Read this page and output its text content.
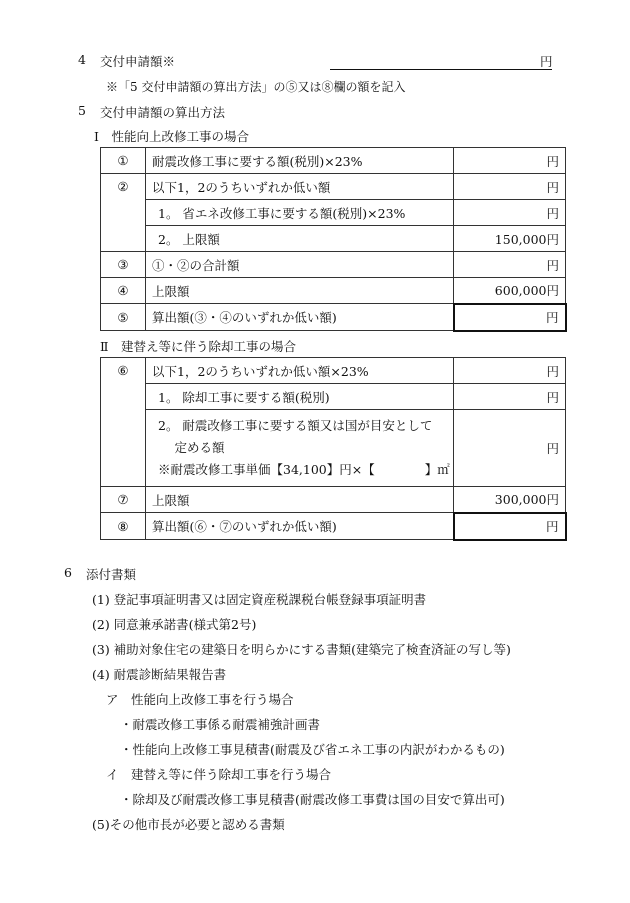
4 交付申請額※	円
※「5 交付申請額の算出方法」の⑤又は⑧欄の額を記入
5 交付申請額の算出方法
Ⅰ　性能向上改修工事の場合
①	耐震改修工事に要する額(税別)×23%	円
②	以下1，2のうちいずれか低い額	円
	1。 省エネ改修工事に要する額(税別)×23%	円
	2。 上限額	150,000円
③	①・②の合計額	円
④	上限額	600,000円
⑤	算出額(③・④のいずれか低い額)	円
Ⅱ　建替え等に伴う除却工事の場合
⑥	以下1，2のうちいずれか低い額×23%	円
	1。 除却工事に要する額(税別)	円

	2。 耐震改修工事に要する額又は国が目安として
　 定める額
※耐震改修工事単価【34,100】円×【　　　　】㎡	円
⑦	上限額	300,000円
⑧	算出額(⑥・⑦のいずれか低い額)	円
6 添付書類
(1) 登記事項証明書又は固定資産税課税台帳登録事項証明書
(2) 同意兼承諾書(様式第2号)
(3) 補助対象住宅の建築日を明らかにする書類(建築完了検査済証の写し等)
(4) 耐震診断結果報告書
ア　性能向上改修工事を行う場合
・耐震改修工事係る耐震補強計画書
・性能向上改修工事見積書(耐震及び省エネ工事の内訳がわかるもの)
イ　建替え等に伴う除却工事を行う場合
・除却及び耐震改修工事見積書(耐震改修工事費は国の目安で算出可)
(5)その他市長が必要と認める書類
